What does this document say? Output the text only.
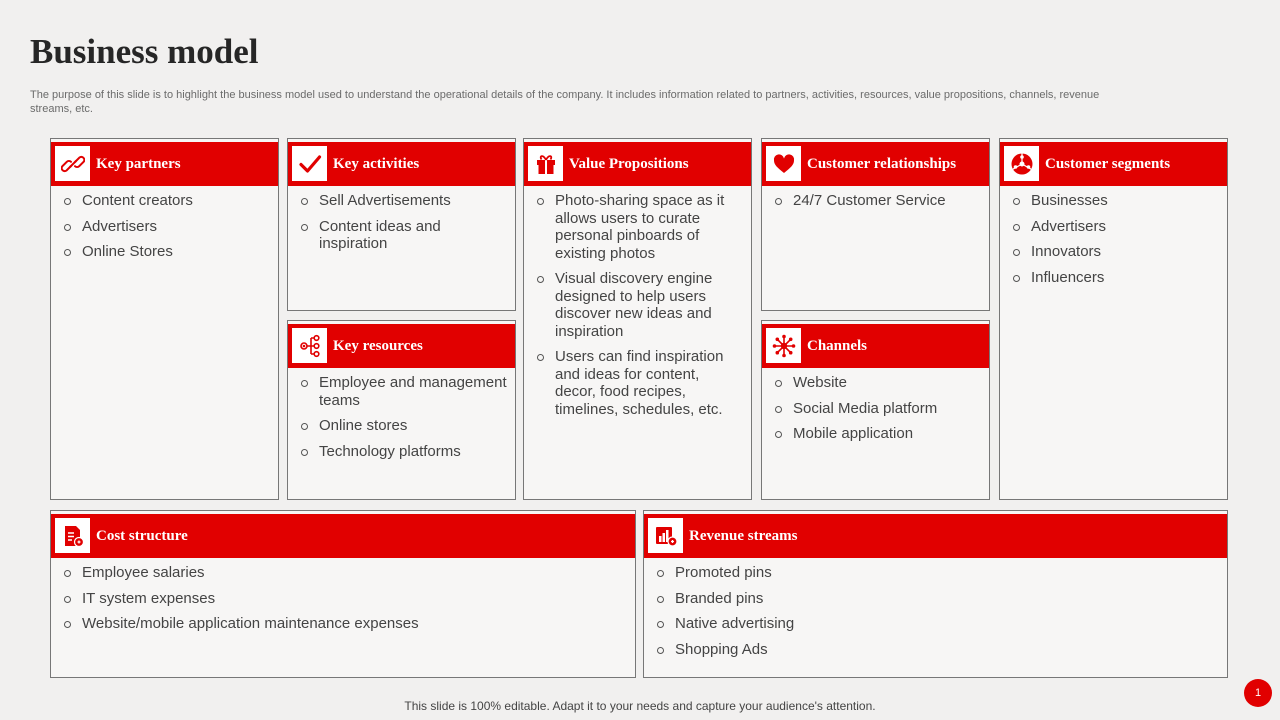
Business model

The purpose of this slide is to highlight the business model used to understand the operational details of the company. It includes information related to partners, activities, resources, value propositions, channels, revenue streams, etc.

Key partners
Content creators
Advertisers
Online Stores
Key activities
Sell Advertisements
Content ideas and inspiration
Key resources
Employee and management teams
Online stores
Technology platforms
Value Propositions
Photo-sharing space as it allows users to curate personal pinboards of existing photos
Visual discovery engine designed to help users discover new ideas and inspiration
Users can find inspiration and ideas for content, decor, food recipes, timelines, schedules, etc.
Customer relationships
24/7 Customer Service
Channels
Website
Social Media platform
Mobile application
Customer segments
Businesses
Advertisers
Innovators
Influencers
Cost structure
Employee salaries
IT system expenses
Website/mobile application maintenance expenses
Revenue streams
Promoted pins
Branded pins
Native advertising
Shopping Ads

This slide is 100% editable. Adapt it to your needs and capture your audience's attention.

1
